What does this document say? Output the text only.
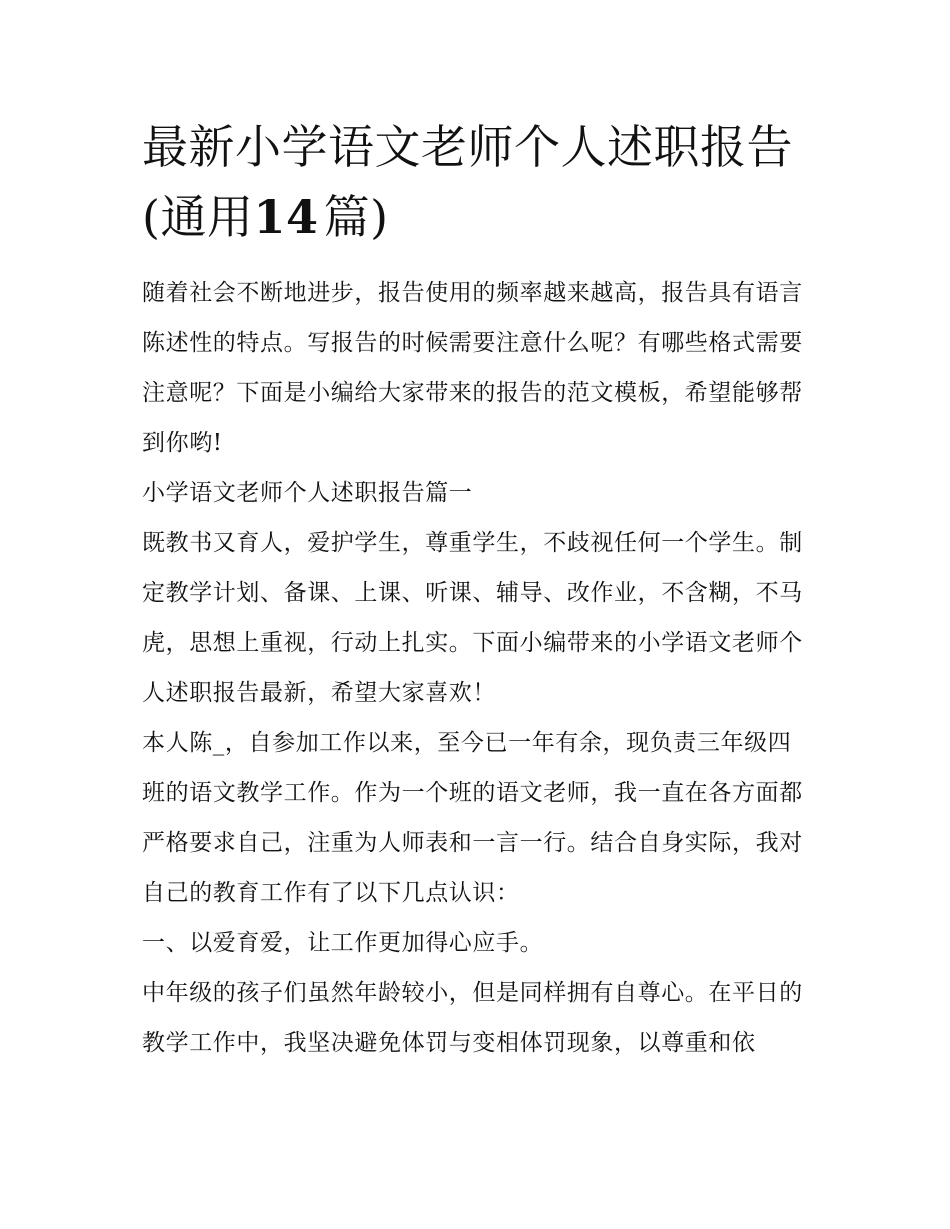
最新小学语文老师个人述职报告(通用14  篇)

随着社会不断地进步，报告使用的频率越来越高，报告具有语言陈述性的特点。写报告的时候需要注意什么呢？有哪些格式需要注意呢？下面是小编给大家带来的报告的范文模板，希望能够帮到你哟!

小学语文老师个人述职报告篇一

既教书又育人，爱护学生，尊重学生，不歧视任何一个学生。制定教学计划、备课、上课、听课、辅导、改作业，不含糊，不马虎，思想上重视，行动上扎实。下面小编带来的小学语文老师个人述职报告最新，希望大家喜欢！

本人陈_，自参加工作以来，至今已一年有余，现负责三年级四班的语文教学工作。作为一个班的语文老师，我一直在各方面都严格要求自己，注重为人师表和一言一行。结合自身实际，我对自己的教育工作有了以下几点认识：

一、以爱育爱，让工作更加得心应手。

中年级的孩子们虽然年龄较小，但是同样拥有自尊心。在平日的教学工作中，我坚决避免体罚与变相体罚现象，以尊重和依
